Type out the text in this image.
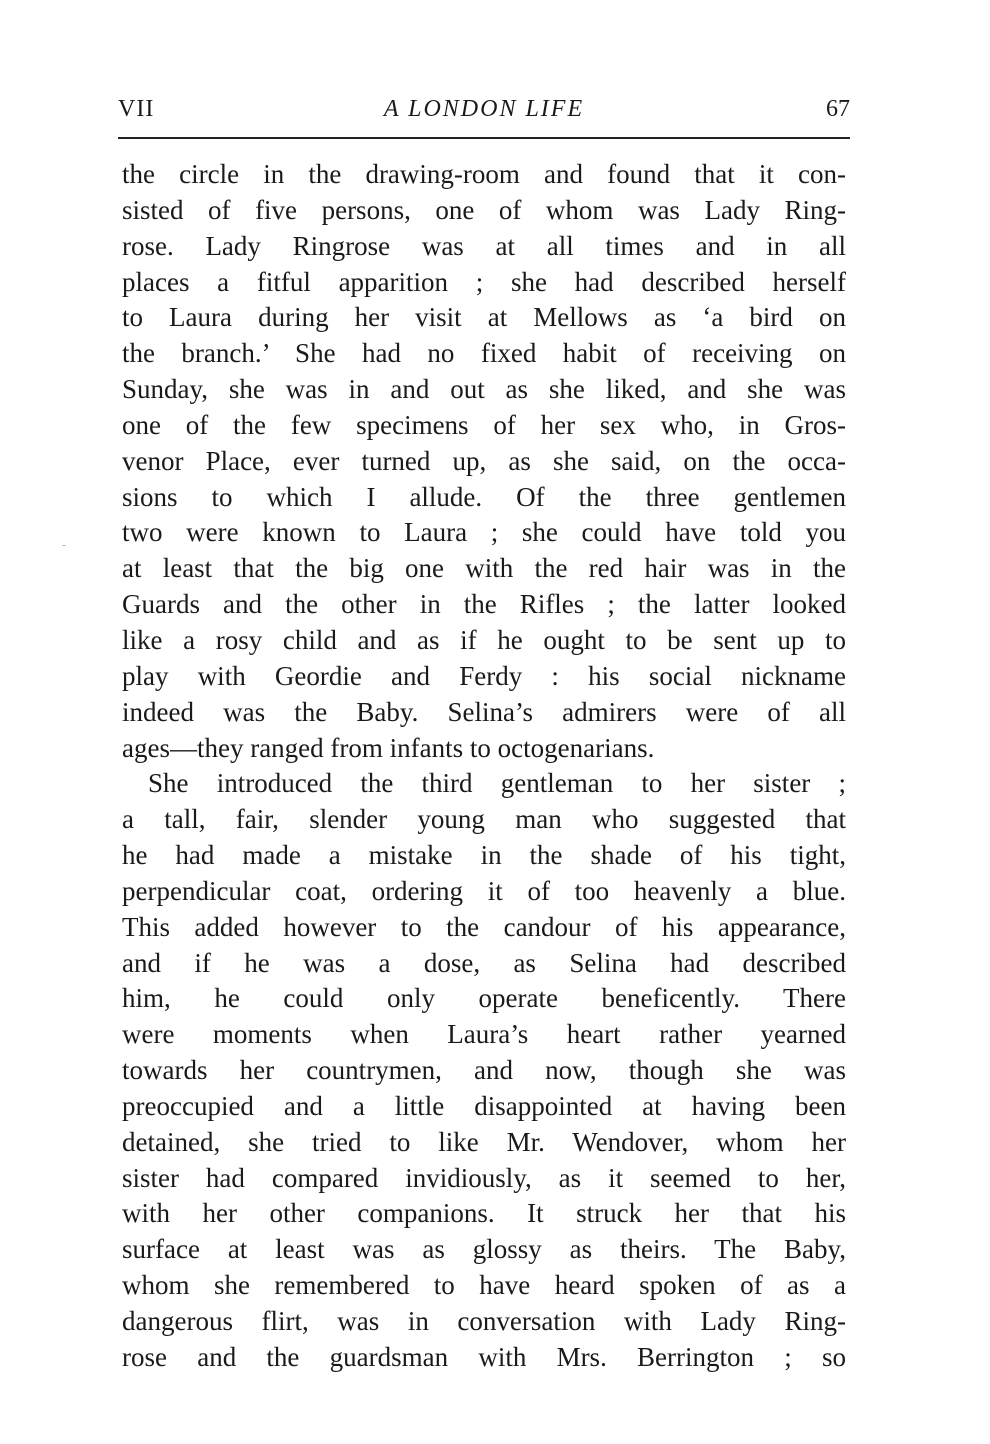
VII	A LONDON LIFE	67
the circle in the drawing-room and found that it con-
sisted of five persons, one of whom was Lady Ring-
rose. Lady Ringrose was at all times and in all
places a fitful apparition ; she had described herself
to Laura during her visit at Mellows as ‘a bird on
the branch.’ She had no fixed habit of receiving on
Sunday, she was in and out as she liked, and she was
one of the few specimens of her sex who, in Gros-
venor Place, ever turned up, as she said, on the occa-
sions to which I allude. Of the three gentlemen
two were known to Laura ; she could have told you
at least that the big one with the red hair was in the
Guards and the other in the Rifles ; the latter looked
like a rosy child and as if he ought to be sent up to
play with Geordie and Ferdy : his social nickname
indeed was the Baby. Selina’s admirers were of all
ages—they ranged from infants to octogenarians.
She introduced the third gentleman to her sister ;
a tall, fair, slender young man who suggested that
he had made a mistake in the shade of his tight,
perpendicular coat, ordering it of too heavenly a blue.
This added however to the candour of his appearance,
and if he was a dose, as Selina had described
him, he could only operate beneficently. There
were moments when Laura’s heart rather yearned
towards her countrymen, and now, though she was
preoccupied and a little disappointed at having been
detained, she tried to like Mr. Wendover, whom her
sister had compared invidiously, as it seemed to her,
with her other companions. It struck her that his
surface at least was as glossy as theirs. The Baby,
whom she remembered to have heard spoken of as a
dangerous flirt, was in conversation with Lady Ring-
rose and the guardsman with Mrs. Berrington ; so
